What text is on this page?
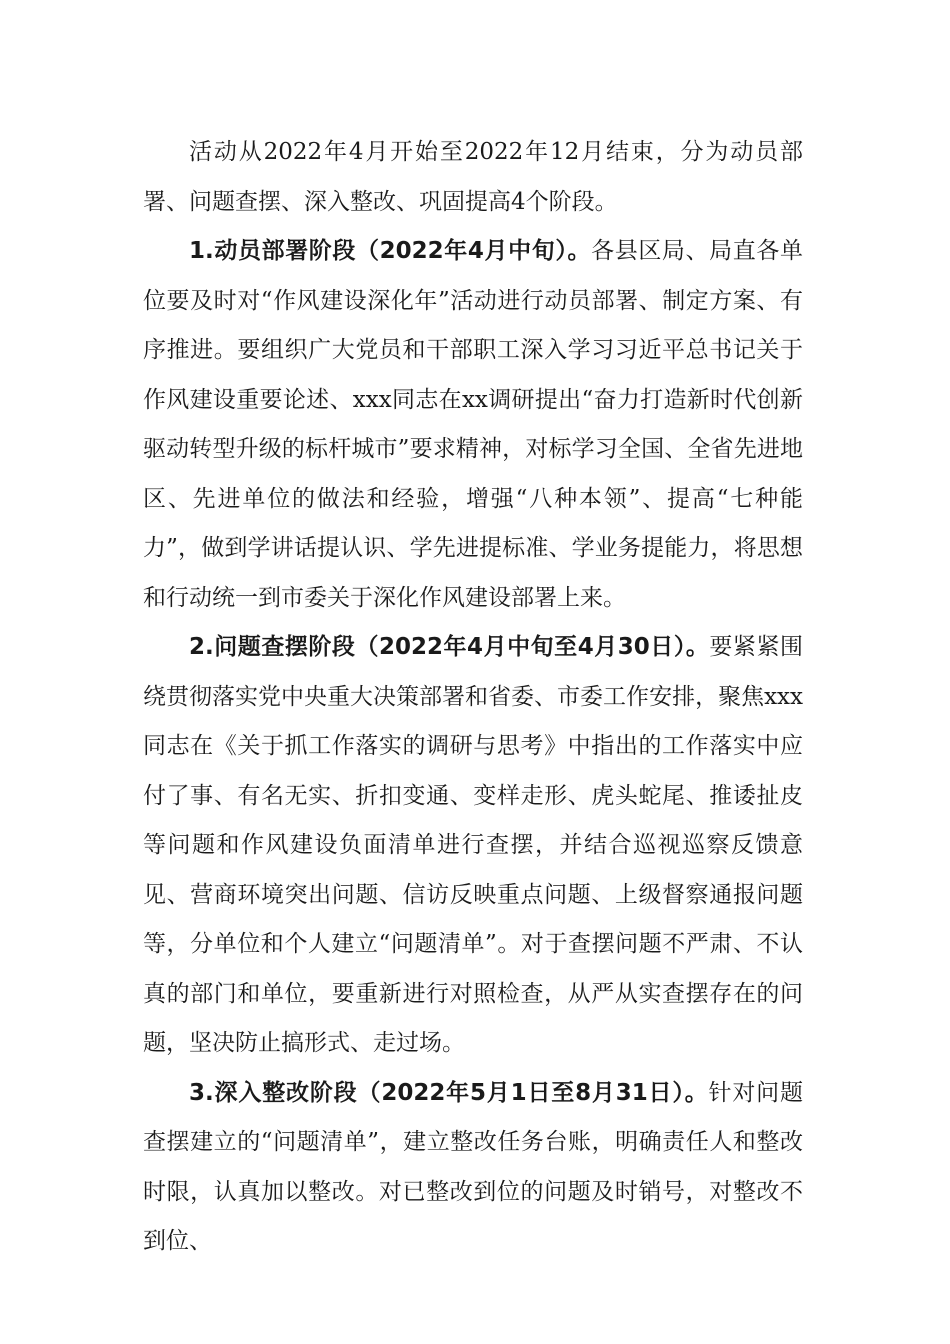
活动从2022年4月开始至2022年12月结束，分为动员部署、问题查摆、深入整改、巩固提高4个阶段。

1.动员部署阶段（2022年4月中旬）。各县区局、局直各单位要及时对“作风建设深化年”活动进行动员部署、制定方案、有序推进。要组织广大党员和干部职工深入学习习近平总书记关于作风建设重要论述、xxx同志在xx调研提出“奋力打造新时代创新驱动转型升级的标杆城市”要求精神，对标学习全国、全省先进地区、先进单位的做法和经验，增强“八种本领”、提高“七种能力”，做到学讲话提认识、学先进提标准、学业务提能力，将思想和行动统一到市委关于深化作风建设部署上来。

2.问题查摆阶段（2022年4月中旬至4月30日）。要紧紧围绕贯彻落实党中央重大决策部署和省委、市委工作安排，聚焦xxx同志在《关于抓工作落实的调研与思考》中指出的工作落实中应付了事、有名无实、折扣变通、变样走形、虎头蛇尾、推诿扯皮等问题和作风建设负面清单进行查摆，并结合巡视巡察反馈意见、营商环境突出问题、信访反映重点问题、上级督察通报问题等，分单位和个人建立“问题清单”。对于查摆问题不严肃、不认真的部门和单位，要重新进行对照检查，从严从实查摆存在的问题，坚决防止搞形式、走过场。

3.深入整改阶段（2022年5月1日至8月31日）。针对问题查摆建立的“问题清单”，建立整改任务台账，明确责任人和整改时限，认真加以整改。对已整改到位的问题及时销号，对整改不到位、
